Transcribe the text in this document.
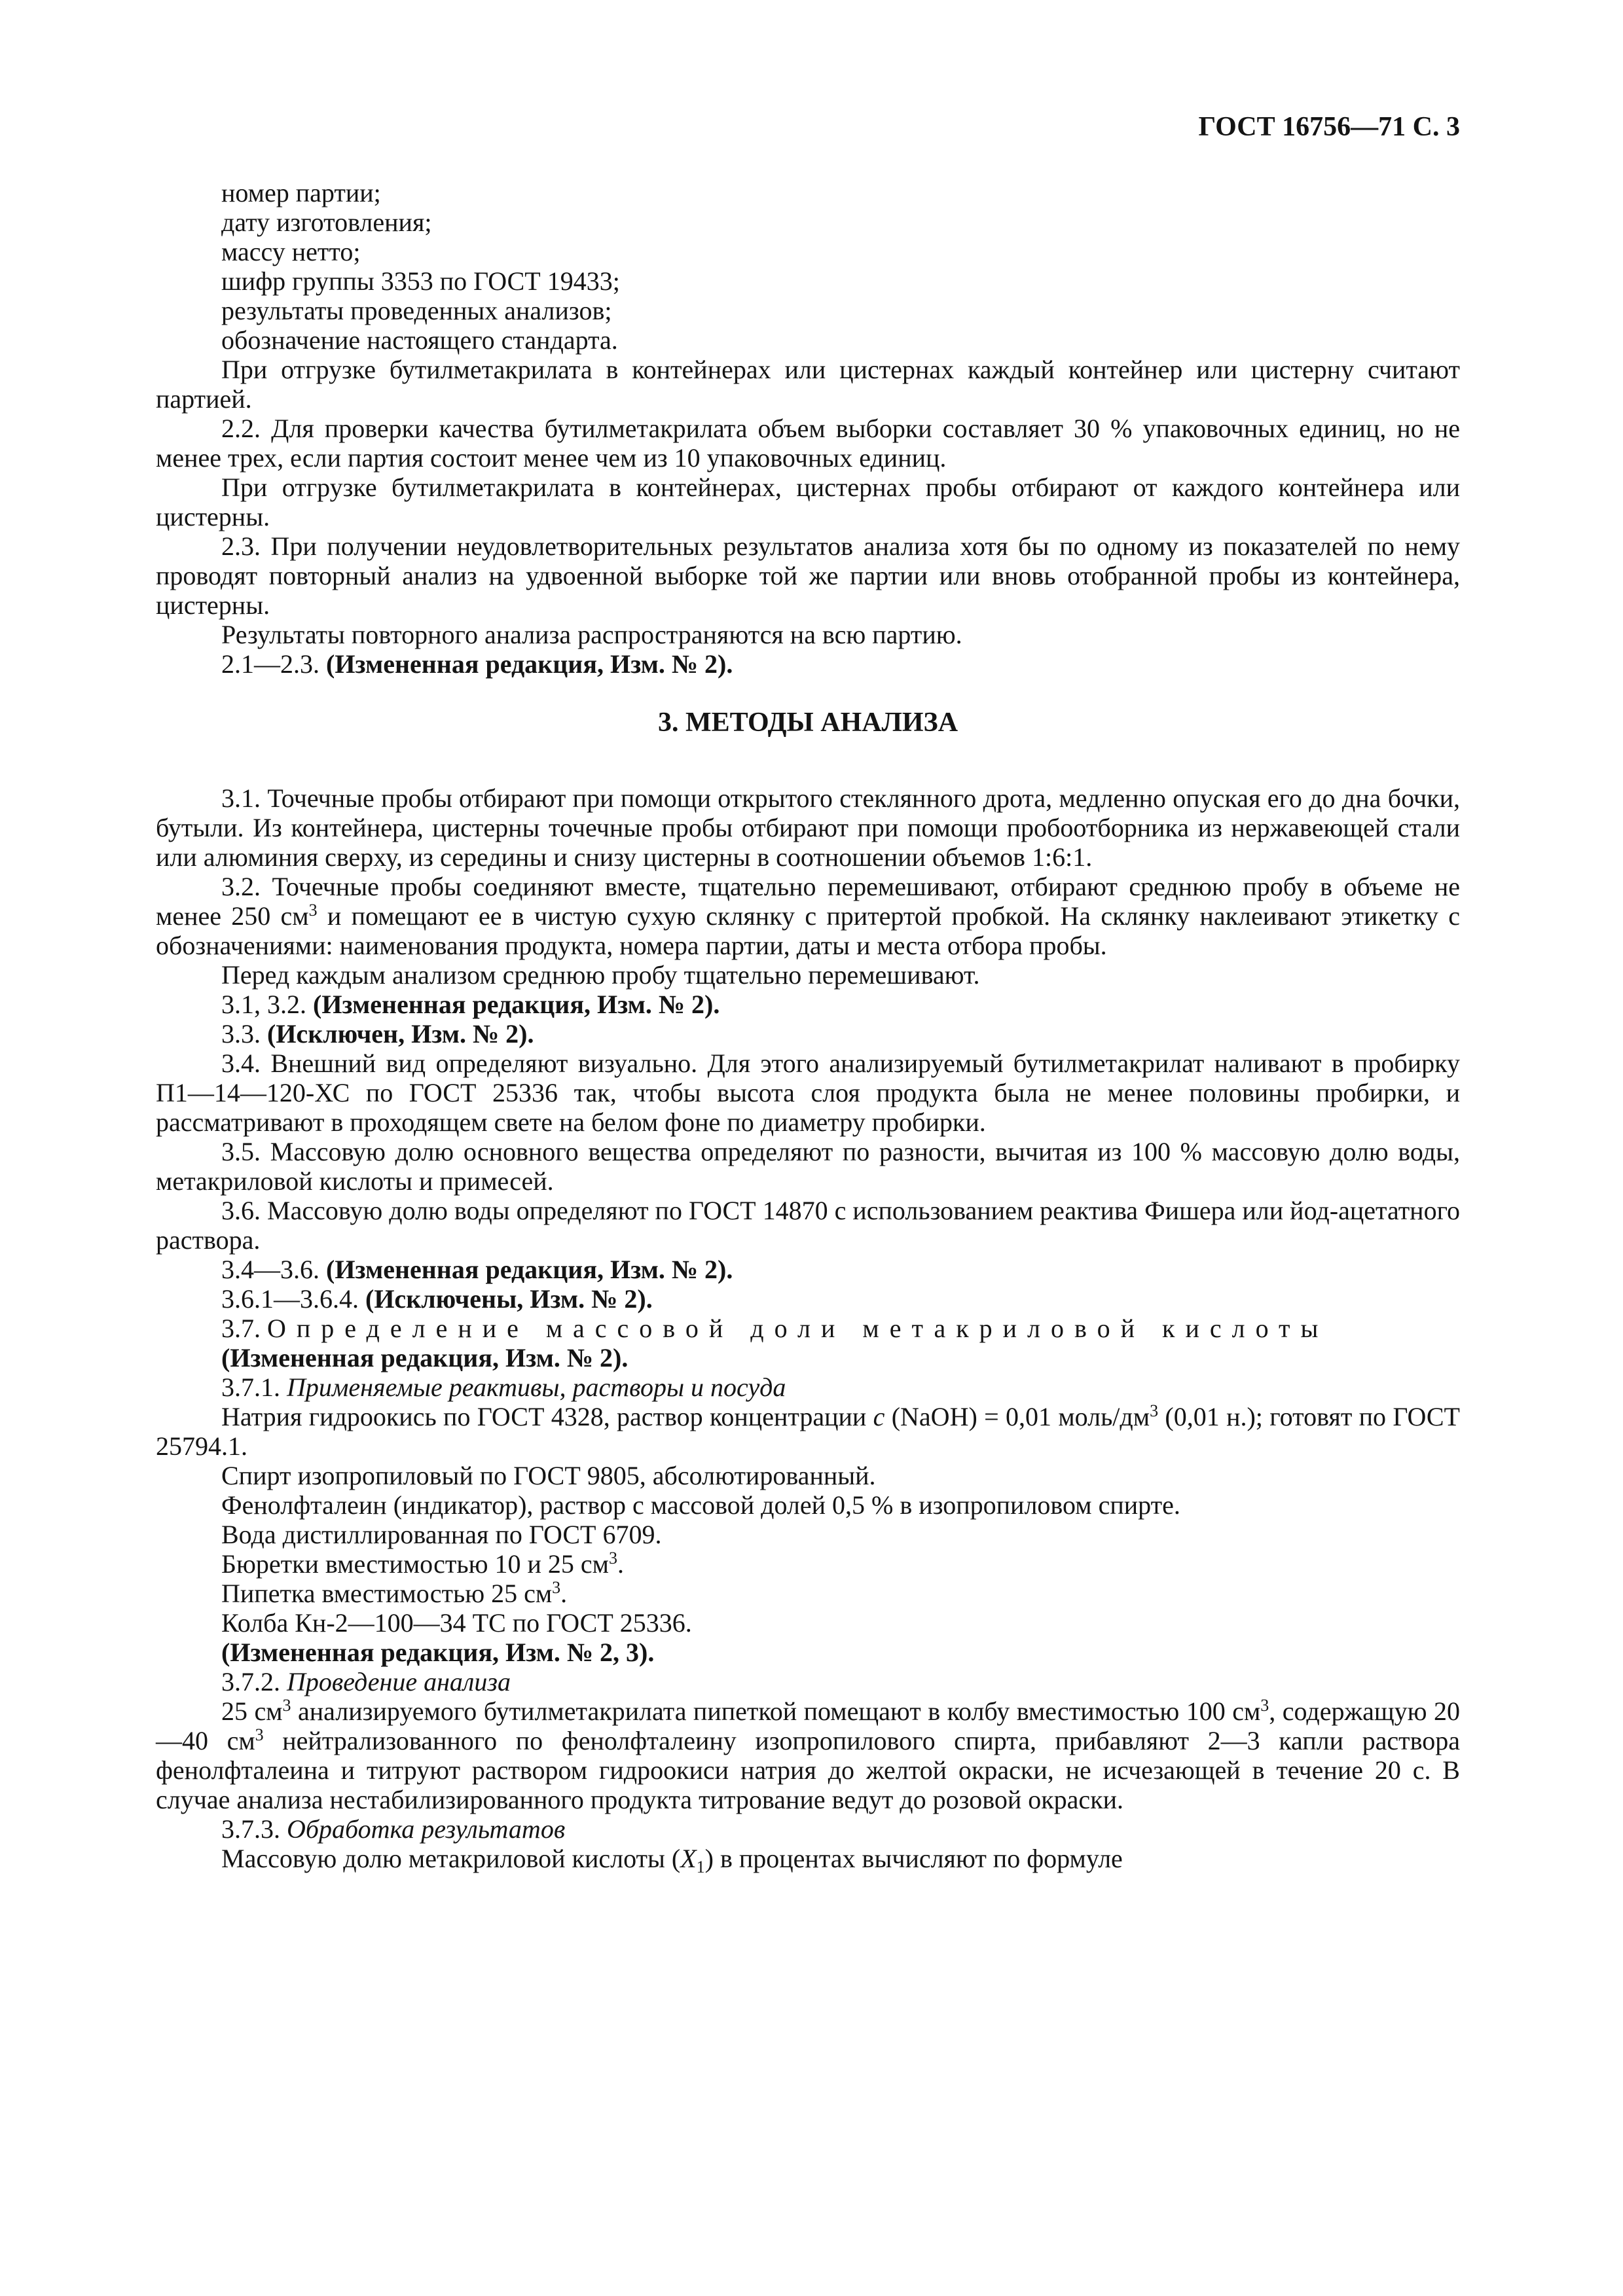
ГОСТ 16756—71 С. 3

номер партии;

дату изготовления;

массу нетто;

шифр группы 3353 по ГОСТ 19433;

результаты проведенных анализов;

обозначение настоящего стандарта.

При отгрузке бутилметакрилата в контейнерах или цистернах каждый контейнер или цистерну считают партией.

2.2. Для проверки качества бутилметакрилата объем выборки составляет 30 % упаковочных единиц, но не менее трех, если партия состоит менее чем из 10 упаковочных единиц.

При отгрузке бутилметакрилата в контейнерах, цистернах пробы отбирают от каждого контейнера или цистерны.

2.3. При получении неудовлетворительных результатов анализа хотя бы по одному из показателей по нему проводят повторный анализ на удвоенной выборке той же партии или вновь отобранной пробы из контейнера, цистерны.

Результаты повторного анализа распространяются на всю партию.

2.1—2.3. (Измененная редакция, Изм. № 2).

3. МЕТОДЫ АНАЛИЗА

3.1. Точечные пробы отбирают при помощи открытого стеклянного дрота, медленно опуская его до дна бочки, бутыли. Из контейнера, цистерны точечные пробы отбирают при помощи пробоотборника из нержавеющей стали или алюминия сверху, из середины и снизу цистерны в соотношении объемов 1:6:1.

3.2. Точечные пробы соединяют вместе, тщательно перемешивают, отбирают среднюю пробу в объеме не менее 250 $см^3$ и помещают ее в чистую сухую склянку с притертой пробкой. На склянку наклеивают этикетку с обозначениями: наименования продукта, номера партии, даты и места отбора пробы.

Перед каждым анализом среднюю пробу тщательно перемешивают.

3.1, 3.2. (Измененная редакция, Изм. № 2).

3.3. (Исключен, Изм. № 2).

3.4. Внешний вид определяют визуально. Для этого анализируемый бутилметакрилат наливают в пробирку П1—14—120-ХС по ГОСТ 25336 так, чтобы высота слоя продукта была не менее половины пробирки, и рассматривают в проходящем свете на белом фоне по диаметру пробирки.

3.5. Массовую долю основного вещества определяют по разности, вычитая из 100 % массовую долю воды, метакриловой кислоты и примесей.

3.6. Массовую долю воды определяют по ГОСТ 14870 с использованием реактива Фишера или йод-ацетатного раствора.

3.4—3.6. (Измененная редакция, Изм. № 2).

3.6.1—3.6.4. (Исключены, Изм. № 2).

3.7. Определение массовой доли метакриловой кислоты

(Измененная редакция, Изм. № 2).

3.7.1. Применяемые реактивы, растворы и посуда

Натрия гидроокись по ГОСТ 4328, раствор концентрации с (NaOH) = 0,01 моль/$дм^3$ (0,01 н.); готовят по ГОСТ 25794.1.

Спирт изопропиловый по ГОСТ 9805, абсолютированный.

Фенолфталеин (индикатор), раствор с массовой долей 0,5 % в изопропиловом спирте.

Вода дистиллированная по ГОСТ 6709.

Бюретки вместимостью 10 и 25 $см^3$.

Пипетка вместимостью 25 $см^3$.

Колба Кн-2—100—34 ТС по ГОСТ 25336.

(Измененная редакция, Изм. № 2, 3).

3.7.2. Проведение анализа

25 $см^3$ анализируемого бутилметакрилата пипеткой помещают в колбу вместимостью 100 $см^3$, содержащую 20—40 $см^3$ нейтрализованного по фенолфталеину изопропилового спирта, прибавляют 2—3 капли раствора фенолфталеина и титруют раствором гидроокиси натрия до желтой окраски, не исчезающей в течение 20 с. В случае анализа нестабилизированного продукта титрование ведут до розовой окраски.

3.7.3. Обработка результатов

Массовую долю метакриловой кислоты $(X_1)$ в процентах вычисляют по формуле
